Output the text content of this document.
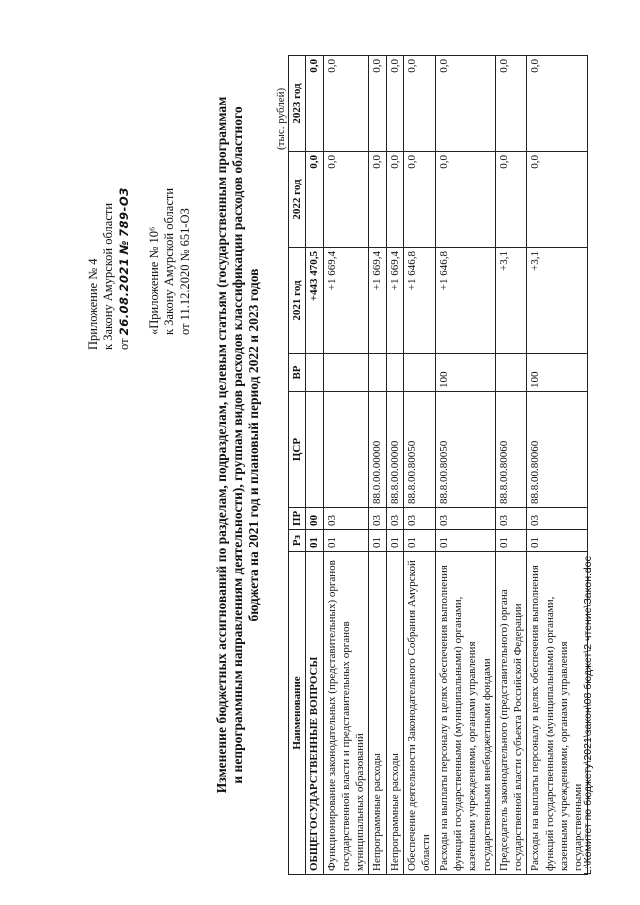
Приложение № 4 к Закону Амурской области от 26.08.2021 № 789-ОЗ
«Приложение № 10⁶ к Закону Амурской области от 11.12.2020 № 651-ОЗ Изменение бюджетных ассигнований по разделам, подразделам, целевым статьям (государственным программам и непрограммным направлениям деятельности), группам видов расходов классификации расходов областного бюджета на 2021 год и плановый период 2022 и 2023 годов
(тыс. рублей)
Наименование	Рз	ПР	ЦСР	ВР	2021 год	2022 год	2023 год
ОБЩЕГОСУДАРСТВЕННЫЕ ВОПРОСЫ	01	00			+443 470,5	0,0	0,0
Функционирование законодательных (представительных) органов государственной власти и представительных органов муниципальных образований	01	03			+1 669,4	0,0	0,0
Непрограммные расходы	01	03	88.0.00.00000		+1 669,4	0,0	0,0
Непрограммные расходы	01	03	88.8.00.00000		+1 669,4	0,0	0,0
Обеспечение деятельности Законодательного Собрания Амурской области	01	03	88.8.00.80050		+1 646,8	0,0	0,0
Расходы на выплаты персоналу в целях обеспечения выполнения функций государственными (муниципальными) органами, казенными учреждениями, органами управления государственными внебюджетными фондами	01	03	88.8.00.80050	100	+1 646,8	0,0	0,0
Председатель законодательного (представительного) органа государственной власти субъекта Российской Федерации	01	03	88.8.00.80060		+3,1	0,0	0,0
Расходы на выплаты персоналу в целях обеспечения выполнения функций государственными (муниципальными) органами, казенными учреждениями, органами управления государственными	01	03	88.8.00.80060	100	+3,1	0,0	0,0
L:\Комитет по бюджету\2021\закон\08 бюджет\2 чтение\Закон.doc
